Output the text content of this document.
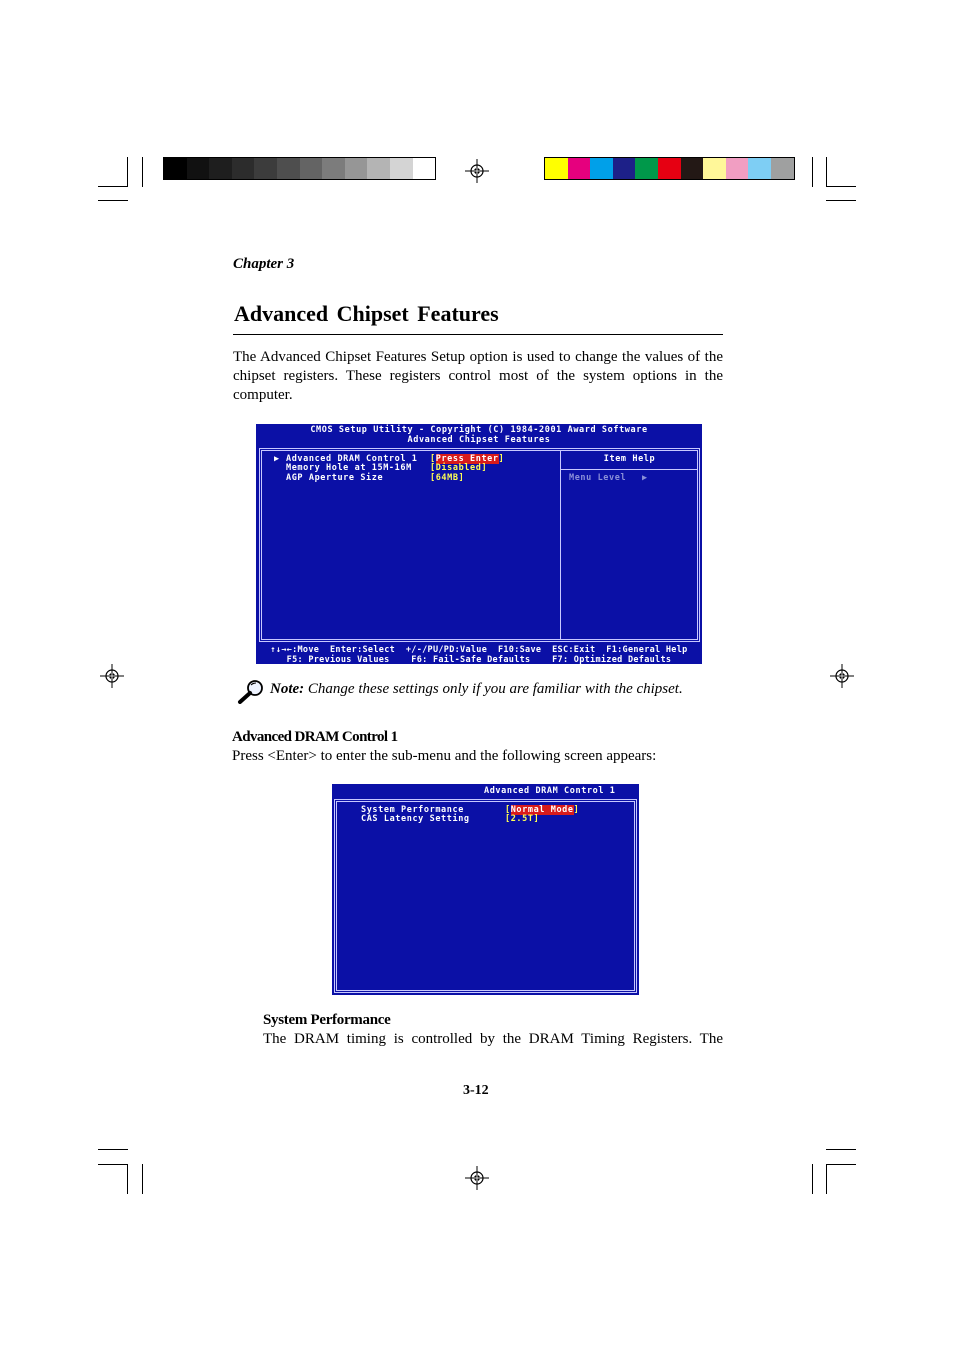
Chapter 3
Advanced Chipset Features
The Advanced Chipset Features Setup option is used to change the values of the chipset registers. These registers control most of the system options in the computer.
CMOS Setup Utility - Copyright (C) 1984-2001 Award Software
Advanced Chipset Features
▶ Advanced DRAM Control 1 [Press Enter]
Memory Hole at 15M-16M [Disabled]
AGP Aperture Size	[64MB]
Item Help
Menu Level ▶
↑↓→←:Move  Enter:Select  +/-/PU/PD:Value  F10:Save  ESC:Exit  F1:General Help
F5: Previous Values    F6: Fail-Safe Defaults    F7: Optimized Defaults
Note: Change these settings only if you are familiar with the chipset.
Advanced DRAM Control 1
Press <Enter> to enter the sub-menu and the following screen appears:
Advanced DRAM Control 1
System Performance	[Normal Mode]
CAS Latency Setting	[2.5T]
System Performance
The DRAM timing is controlled by the DRAM Timing Registers. The
3-12
